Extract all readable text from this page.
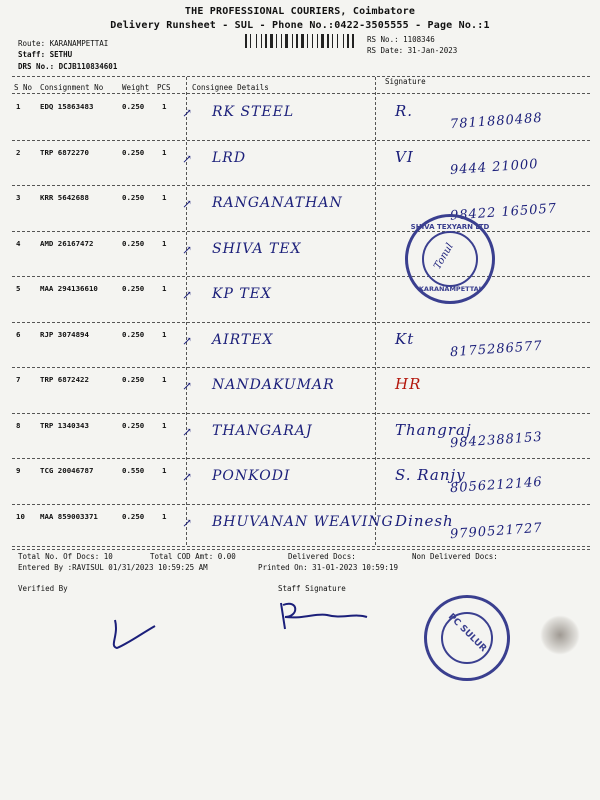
THE PROFESSIONAL COURIERS, Coimbatore
Delivery Runsheet - SUL - Phone No.:0422-3505555 - Page No.:1
Route: KARANAMPETTAI
Staff: SETHU
DRS No.: DCJB110834601
RS No.: 1108346
RS Date: 31-Jan-2023
S No Consignment No	Weight PCS	Consignee Details
Signature
1	EDQ 15863483	0.250 1	RK STEEL	R.	7811880488
↗
2	TRP 6872270	0.250 1	LRD	VI	9444 21000
↗
3	KRR 5642688	0.250 1	RANGANATHAN	98422 165057
↗
4	AMD 26167472	0.250 1	SHIVA TEX
↗
5	MAA 294136610	0.250 1	KP TEX
↗
6	RJP 3074894	0.250 1	AIRTEX	Kt	8175286577
↗
7	TRP 6872422	0.250 1	NANDAKUMAR	HR
↗
8	TRP 1340343	0.250 1	THANGARAJ	Thangraj
9842388153
↗
9	TCG 20046787	0.550 1	PONKODI	S. Ranjy
8056212146
↗
10 MAA 859003371	0.250 1	BHUVANAN WEAVING Dinesh
9790521727
↗
SHIVA TEXYARN LTD
KARANAMPETTAI
Tonul
Total No. Of Docs: 10	Total COD Amt: 0.00	Delivered Docs:	Non Delivered Docs:
Entered By :RAVISUL 01/31/2023 10:59:25 AM	Printed On: 31-01-2023 10:59:19
Verified By	Staff Signature
PC SULUR
